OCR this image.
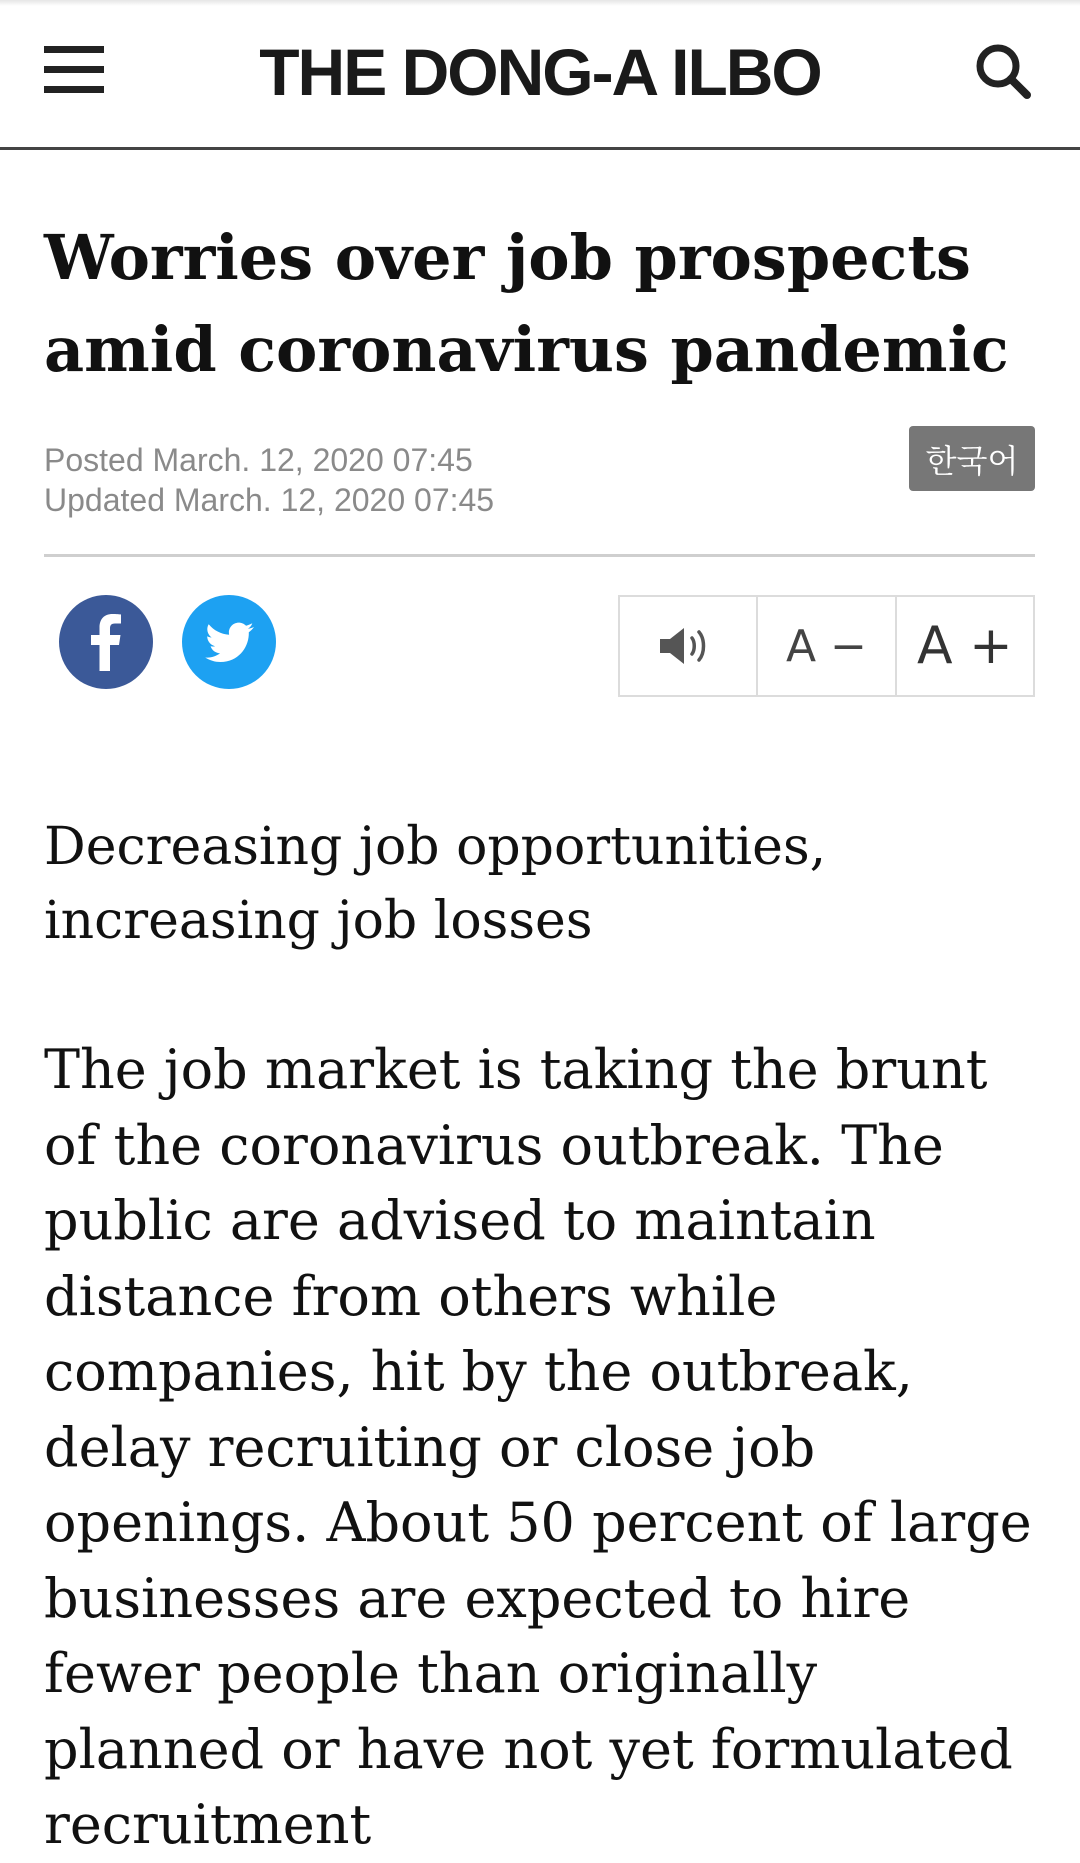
THE DONG-A ILBO
Worries over job prospects amid coronavirus pandemic
Posted March. 12, 2020 07:45
Updated March. 12, 2020 07:45
한국어
A − A +
Decreasing job opportunities,
increasing job losses

The job market is taking the brunt of the coronavirus outbreak. The public are advised to maintain distance from others while companies, hit by the outbreak, delay recruiting or close job openings. About 50 percent of large businesses are expected to hire fewer people than originally planned or have not yet formulated recruitment
